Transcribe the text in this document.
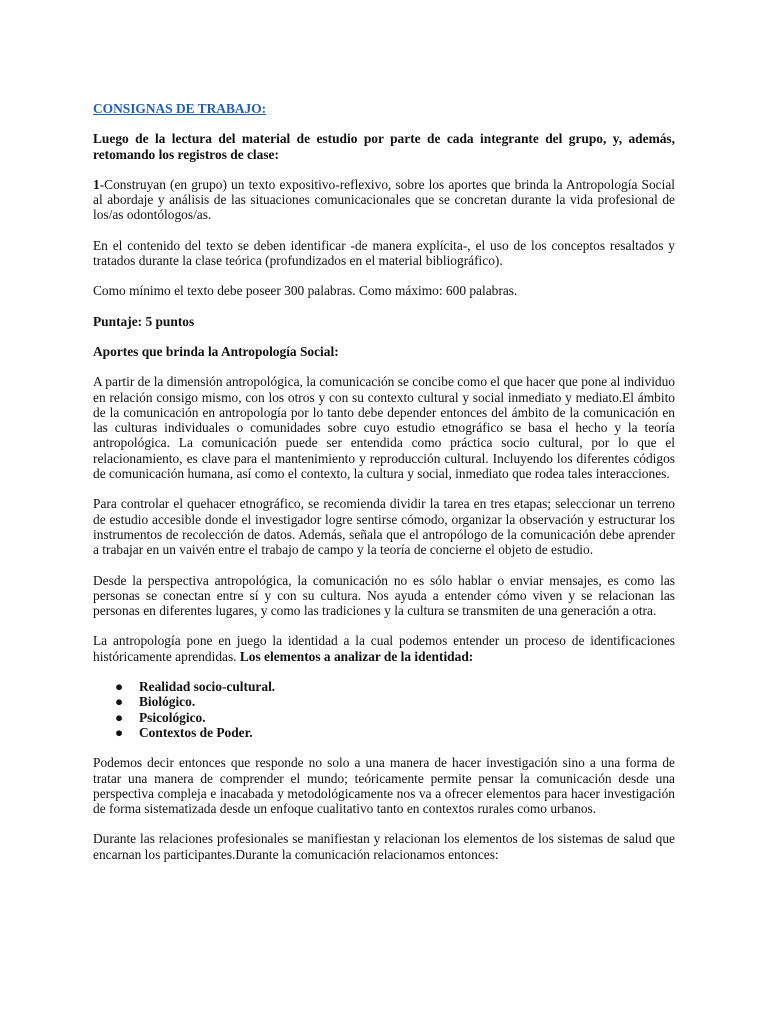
CONSIGNAS DE TRABAJO:

Luego de la lectura del material de estudio por parte de cada integrante del grupo, y, además, retomando los registros de clase:

1-Construyan (en grupo) un texto expositivo-reflexivo, sobre los aportes que brinda la Antropología Social al abordaje y análisis de las situaciones comunicacionales que se concretan durante la vida profesional de los/as odontólogos/as.

En el contenido del texto se deben identificar -de manera explícita-, el uso de los conceptos resaltados y tratados durante la clase teórica (profundizados en el material bibliográfico).

Como mínimo el texto debe poseer 300 palabras. Como máximo: 600 palabras.

Puntaje: 5 puntos

Aportes que brinda la Antropología Social:

A partir de la dimensión antropológica, la comunicación se concibe como el que hacer que pone al individuo en relación consigo mismo, con los otros y con su contexto cultural y social inmediato y mediato.El ámbito de la comunicación en antropología por lo tanto debe depender entonces del ámbito de la comunicación en las culturas individuales o comunidades sobre cuyo estudio etnográfico se basa el hecho y la teoría antropológica. La comunicación puede ser entendida como práctica socio cultural, por lo que el relacionamiento, es clave para el mantenimiento y reproducción cultural. Incluyendo los diferentes códigos de comunicación humana, así como el contexto, la cultura y social, inmediato que rodea tales interacciones.

Para controlar el quehacer etnográfico, se recomienda dividir la tarea en tres etapas; seleccionar un terreno de estudio accesible donde el investigador logre sentirse cómodo, organizar la observación y estructurar los instrumentos de recolección de datos. Además, señala que el antropólogo de la comunicación debe aprender a trabajar en un vaivén entre el trabajo de campo y la teoría de concierne el objeto de estudio.

Desde la perspectiva antropológica, la comunicación no es sólo hablar o enviar mensajes, es como las personas se conectan entre sí y con su cultura. Nos ayuda a entender cómo viven y se relacionan las personas en diferentes lugares, y como las tradiciones y la cultura se transmiten de una generación a otra.

La antropología pone en juego la identidad a la cual podemos entender un proceso de identificaciones históricamente aprendidas. Los elementos a analizar de la identidad:

● Realidad socio-cultural.
● Biológico.
● Psicológico.
● Contextos de Poder.

Podemos decir entonces que responde no solo a una manera de hacer investigación sino a una forma de tratar una manera de comprender el mundo; teóricamente permite pensar la comunicación desde una perspectiva compleja e inacabada y metodológicamente nos va a ofrecer elementos para hacer investigación de forma sistematizada desde un enfoque cualitativo tanto en contextos rurales como urbanos.

Durante las relaciones profesionales se manifiestan y relacionan los elementos de los sistemas de salud que encarnan los participantes.Durante la comunicación relacionamos entonces:
